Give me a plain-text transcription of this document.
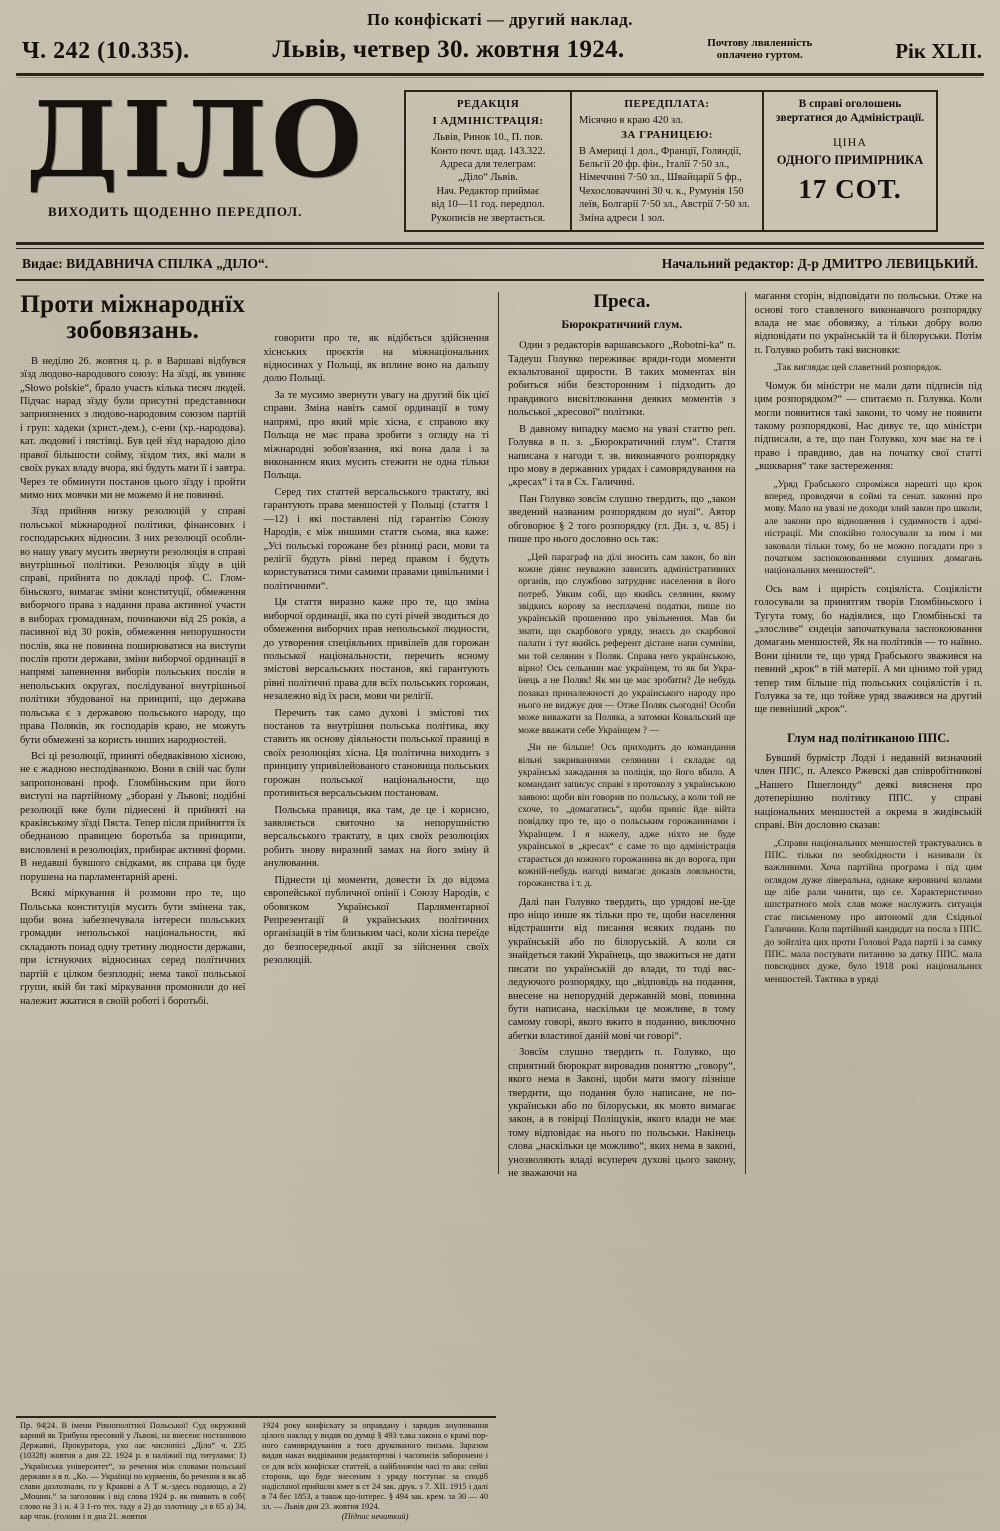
По конфіскаті — другий наклад.
Ч. 242 (10.335).	Львів, четвер 30. жовтня 1924.	Почтову лвяленність
оплачено гуртом.	Рік XLII.
ДІЛО
ВИХОДИТЬ ЩОДЕННО ПЕРЕДПОЛ.
РЕДАКЦІЯ
І АДМІНІСТРАЦІЯ:
Львів, Ринок 10., П. пов.
Конто почт. щад. 143.322.
Адреса для телеграм:
„Діло“ Львів.
Нач. Редактор приймає
від 10—11 год. передпол.
Рукописів не звертається.
ПЕРЕДПЛАТА:
Місячно в краю 420 зл.
ЗА ГРАНИЦЕЮ:
В Америці 1 дол., Франції, Голяндії, Бельгії 20 фр. фін., Італії 7·50 зл., Німеччині 7·50 зл., Швайцарії 5 фр., Чехословаччині 30 ч. к., Румунія 150 леїв, Болгарії 7·50 зл., Австрії 7·50 зл. Зміна адреси 1 зол.
В справі оголошень звертатися до Адміністрації.
ЦІНА
ОДНОГО ПРИМІРНИКА
17 СОТ.
Видає: ВИДАВНИЧА СПІЛКА „ДІЛО“.	Начальний редактор: Д-р ДМИТРО ЛЕВИЦЬКИЙ.
Проти міжнароднїх зобовязань.

В неділю 26. жовтня ц. р. в Варшаві відбувся зїзд людово-народового союзу: На зїзді, як увиняє „Słowo polskie“, брало участь кілька тисяч людей. Підчас нарад зїзду були присутні представники заприязнених з людово-народовим союзом партій і груп: хадеки (христ.-дем.), с-ени (хр.-народова). кат. людовиї і пястівці. Був цей зїзд нарадою діло правої більшости сойму, зїздом тих, які мали в своїх руках владу вчора, які будуть мати її і завтра. Через те обминути постанов цього зїзду і пройти мимо них мовчки ми не можемо й не повинні.

Зїзд прийняв низку резолюцій у справі польської міжнародної політики, фінансових і господарських відносин. З них резолюції особливо нашу увагу мусить звернути резолюція в справі внутрішньої політики. Резолюція зїзду в цій справі, прийнята по докладі проф. С. Гломбіньского, вимагає зміни конституції, обмеження виборчого права з надання права активної участи в виборах громадянам, починаючи від 25 років, а пасивної від 30 років, обмеження непорушности послів, яка не повинна поширюватися на виступи послів проти держави, зміни виборчої ординації в напрямі запевнення виборів польських послів в непольських округах, послідуваної внутрішньої політики збудованої на принципі, що держава польська є з державою польського народу, що права Поляків, як господарів краю, не можуть бути обмежені за користь инших народностей.

Всі ці резолюції, приняті обедваківною хісною, не є жадною несподіванкою. Вони в свій час були запропоновані проф. Гломбіньским при його виступі на партійному „зборані у Львові; подібні резолюції вже були піднесені й прийняті на краківському зїзді Пяста. Тепер після прийняття їх обеднаною правицею боротьба за принципи, висловлені в резолюціях, прибирає активні форми. В недавші бувшого свідками, як справа ця буде порушена на парламентарній арені.

Всякі міркування й розмови про те, що Польська конституція мусить бути змінена так, щоби вона забезпечувала інтереси польських громадян непольської національности, які складають понад одну третину людности держави, при істнуючих відносинах серед полїтичних партій є цілком безплодні; нема такої польської групи, якій би такі міркування промовили до неї належит жкатися в своїй роботі і боротьбі.

говорити про те, як відібється здійснення хіснських проєктів на міжнаціональних відносинах у Польщі, як вплине воно на дальшу долю Польщі.

За те мусимо звернути увагу на другий бік цієї справи. Зміна навіть самої ординації в тому напрямі, про який мріє хісна, є справою яку Польща не має права зробити з огляду на ті міжнародні зобов'язання, які вона дала і за виконаннєм яких мусить стежити не одна тільки Польща.

Серед тих статтей версальського трактату, які гарантують права меншостей у Польщі (стаття 1—12) і які поставлені під гарантію Союзу Народів, є між иншими стаття сьома, яка каже: „Усі польські горожане без різниці раси, мови та релігії будуть рівні перед правом і будуть користуватися тими самими правами цивільними і політичними“.

Ця стаття виразно каже про те, що зміна виборчої ординації, яка по суті річей зводиться до обмеження виборчих прав непольської людности, до утворення спеціяльних привілеїв для горожан польської національности, перечить ясному змістові версальських постанов, які гарантують рівні політичні права для всїх польських горожан, незалежно від їх раси, мови чи релігії.

Перечить так само духові і змістові тих постанов та внутрішня польська політика, яку ставить як основу діяльности польської правиці в своїх резолюціях хісна. Ця політична виходить з принципу упривілейованого становища польських горожан польської національности, що противиться версальським постановам.

Польська правиця, яка там, де це і корисно, заявляється святочно за непорушністю версальського трактату, в цих своїх резолюціях робить знову виразний замах на його зміну й анулювання.

Піднести ці моменти, довести їх до відома європейської публичної опінії і Союзу Народів, є обовязком Української Парляментарної Репрезентації й українських політичних організацій в тім близьким часі, коли хісна переїде до безпосередньої акції за зійснення своїх резолюцій.

Преса.
Бюрократичний глум.

Один з редакторів варшавського „Robotni-ka“ п. Тадеуш Голувко переживає вряди-годи моменти екзальтованої щирости. В таких моментах він робиться ніби безсторонним і підходить до правдивого висвітлювання деяких моментів з польської „кресової“ політики.

В давному випадку маємо на увазі статтю реп. Голувка в п. з. „Бюрократичний глум“. Стаття написана з нагоди т. зв. виконавчого розпорядку про мову в державних урядах і самоврядування на „кресах“ і та в Сх. Галичині.

Пан Голувко зовсїм слушно твердить, що „закон зведений названим розпорядком до нулі“. Автор обговорює § 2 того розпорядку (гл. Дн. з, ч. 85) і пише про нього дословно ось так:

„Цей параграф на дїлі зносить сам закон, бо він кожне діянє неуважно зависить адміністративних органів, що службово затрудняє населення в його потреб. Уяким собі, що якийсь селянин, якому звідкись корову за несплачені податки, пише по українській прошению про увільнення. Мав би знати, що скарбового уряду, знаєсь до скарбової палати і тут якийсь референт дістане напи сумніви, ми той селянин з Поляк. Справа него українською, вірно! Ось сельанин має українцем, то як би Українець а не Поляк! Як ми це має зробити? Де небудь позаказ приналежності до українського народу про нього не виджує дня — Отже Поляк сьогодні! Особи може виважати за Поляка, а затомки Ковальский ще може вважати себе Українцем ? —
„Чи не більше! Ось приходить до командання вільні закриваннями селянини і складає од українські зажадання за поліція, що його вбило. А командант записує справі з протоколу з українською заявою: щоби він говорив по польську, а коли той не схоче, то „домагатись“, щоби приніс йде війта повідлку про те, що о польським горожанинами і Українцем. І я нажелу, адже ніхто не буде української в „кресах“ с саме то що адміністрація старається до кожного горожанина як до ворога, при кожній-небудь нагоді вимагає доказів лояльности, горожанства і т. д.

Далі пан Голувко твердить, що урядові не-їде про ніщо инше як тільки про те, щоби населення відстрашити від писання всяких подань по українській або по білоруській. А коли ся знайдеться такий Українець, що зважиться не дати писати по українській до влади, то тоді вяследуючого розпорядку, що „відповідь на подання, внесене на непорудній державній мові, повинна бути написана, наскільки це можливе, в тому самому говорі, якого вжито в поданню, виключно абетки властивої даній мові чи говорі“.

Зовсїм слушно твердить п. Голувко, що сприятний бюрократ вировадив поняттю „говору“, якого нема в Законі, щоби мати змогу пізніше твердити, що подання було написане, не по-українськи або по білоруськи, як мовто вимагає закон, а в говірці Поліщуків, якого влади не має тому відповідає на нього по польськи. Накінець слова „наскільки це можливо“, яких нема в законі, унозволяють владі всупереч духові цього закону, не зважаючи на

магання сторін, відповідати по польськи. Отже на основі того ставленого виконавчого розпорядку влада не має обовязку, а тільки добру волю відповідати по українській та й білоруськи. Потім п. Голувко робить такі висновки:

„Так виглядає цей славетний розпорядок.

Чомуж би міністри не мали дати підписів під цим розпорядком?“ — спитаємо п. Голувка. Коли могли появитися такі закони, то чому не появити такому розпорядкові, Нас дивує те, що міністри підписали, а те, що пан Голувко, хоч має на те і право і правдиво, дав на початку свої статті „вшкварня“ таке застереження:

„Уряд Грабського спроміжся нарешті що крок вперед, проводячи в соймі та сенат. законні про мову. Мало на увазі не доходи злий закон про школи, але закони про відношення і судимноств і адміністрації. Ми спокійно голосували за ним і ми заковали тільки тому, бо не можно погадати про з початком заспокоюваннями слушних домагань національних меншостей“.

Ось вам і щирість соціяліста. Соціялісти голосували за принятгям творів Гломбіньского і Тугута тому, бо надіялися, що Гломбіньскі та „злосливе“ єндеція започаткувала заспокоювання домагань меншостей, Як на політиків — то наївно. Вони цінили те, що уряд Грабського зважився на певний „крок“ в тій матерії. А ми цінимо той уряд тепер тим більше під польських соціялістів і п. Голувка за те, що тойже уряд зважився на другий ще певніший „крок“.

Глум над політиканою ППС.

Бувший бурмістр Лодзі і недавній визначний член ППС, п. Алексо Ржевскі дав співробітникові „Нашего Пшеглонду“ деякі виясненя про дотеперішню політику ППС. у справі національних меншостей а окрема в жидівській справі. Він дословно сказав:

„Справи національних меншостей трактувались в ППС. тільки по зеобхідности і називали їх важливими. Хоча партійна програма і під цим оглядом дуже ліверальна, однаке керовничі колами ще лібе рали чинити, що се. Характеристично шпстратного моїх слав може наслужить ситуація стає письменому про автономії для Східньої Галичини. Коли партійний кандидат на посла з ППС. до зойгліта цих проти Голової Рада партії і за самку ППС. мала постувати питанню за датку ППС. мала повсюдних дуже, було 1918 рокі національних меншостей. Тактика в уряді
Пр. 94|24. В імени Рівнополітної Польської! Суд окружний карний як Трибуна пресовий у Львові, на внесенє постановою Державні, Прокуратора, ухо лає числопісі „Діло“ ч. 235 (10328) жовтня а дня 22. 1924 р. в наліжнії під титулами: 1) „Українська університет“, за речення між словами польської держави а в п. „Ко. — Українці по курменів, бо речення в як аб слави дазлознали, го у Кракові а А Т м.-здесь подающо, а 2) „Мошин.“ за заголовик і від слова 1924 р. як пиявить в соб{ слово на 3 і н. 4 3 1-го тех. таду а 2) до ззлотищу „з в 65 а) 34, кар чтак. (голови і п дна 21. жовтня
1924 року конфіскату за оправдану і зарядив анулювання цілого наклад у видав по думці § 493 т.ака закона о крамі порного самоврядування а того друкованого письма. Заразом видав наказ видрівання редактортові і часописів заборонено і се для всїх конфіскат статтей, а найближчім часі то ава: сейні сторонк, що буде знесеним з уряду поступає за сподіб надісланої прийшли кмет в ст 24 зак. друк. з 7. XII. 1915 і далі в 74 бес 1853, а також що-інтерес. § 494 зак. крем. за 30 — 40 зл. — Львів дня 23. жовтня 1924.
(Підпис нечиткий)
